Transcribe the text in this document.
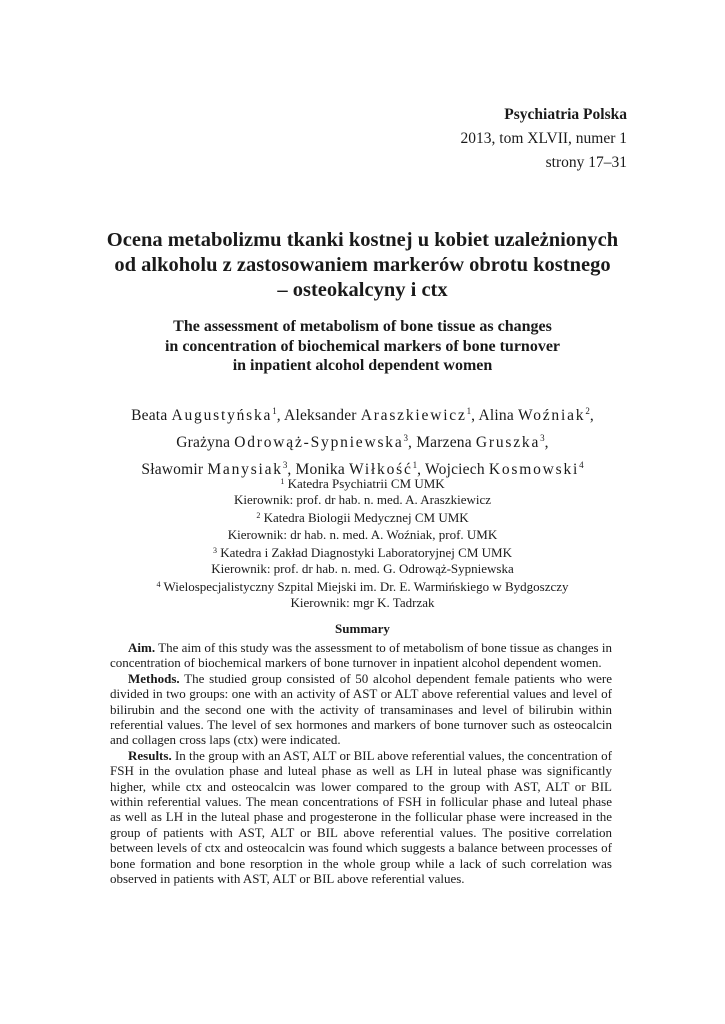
Psychiatria Polska
2013, tom XLVII, numer 1
strony 17–31
Ocena metabolizmu tkanki kostnej u kobiet uzależnionych
od alkoholu z zastosowaniem markerów obrotu kostnego
– osteokalcyny i ctx
The assessment of metabolism of bone tissue as changes
in concentration of biochemical markers of bone turnover
in inpatient alcohol dependent women
Beata Augustyńska$^1$, Aleksander Araszkiewicz$^1$, Alina Woźniak$^2$,
Grażyna Odrowąż-Sypniewska$^3$, Marzena Gruszka$^3$,
Sławomir Manysiak$^3$, Monika Wiłkość$^1$, Wojciech Kosmowski$^4$
$^1$ Katedra Psychiatrii CM UMK
Kierownik: prof. dr hab. n. med. A. Araszkiewicz
$^2$ Katedra Biologii Medycznej CM UMK
Kierownik: dr hab. n. med. A. Woźniak, prof. UMK
$^3$ Katedra i Zakład Diagnostyki Laboratoryjnej CM UMK
Kierownik: prof. dr hab. n. med. G. Odrowąż-Sypniewska
$^4$ Wielospecjalistyczny Szpital Miejski im. Dr. E. Warmińskiego w Bydgoszczy
Kierownik: mgr K. Tadrzak
Summary

Aim. The aim of this study was the assessment to of metabolism of bone tissue as changes in concentration of biochemical markers of bone turnover in inpatient alcohol dependent women.

Methods. The studied group consisted of 50 alcohol dependent female patients who were divided in two groups: one with an activity of AST or ALT above referential values and level of bilirubin and the second one with the activity of transaminases and level of bilirubin within referential values. The level of sex hormones and markers of bone turnover such as osteocalcin and collagen cross laps (ctx) were indicated.

Results. In the group with an AST, ALT or BIL above referential values, the concentration of FSH in the ovulation phase and luteal phase as well as LH in luteal phase was significantly higher, while ctx and osteocalcin was lower compared to the group with AST, ALT or BIL within referential values. The mean concentrations of FSH in follicular phase and luteal phase as well as LH in the luteal phase and progesterone in the follicular phase were increased in the group of patients with AST, ALT or BIL above referential values. The positive correlation between levels of ctx and osteocalcin was found which suggests a balance between processes of bone formation and bone resorption in the whole group while a lack of such correlation was observed in patients with AST, ALT or BIL above referential values.
